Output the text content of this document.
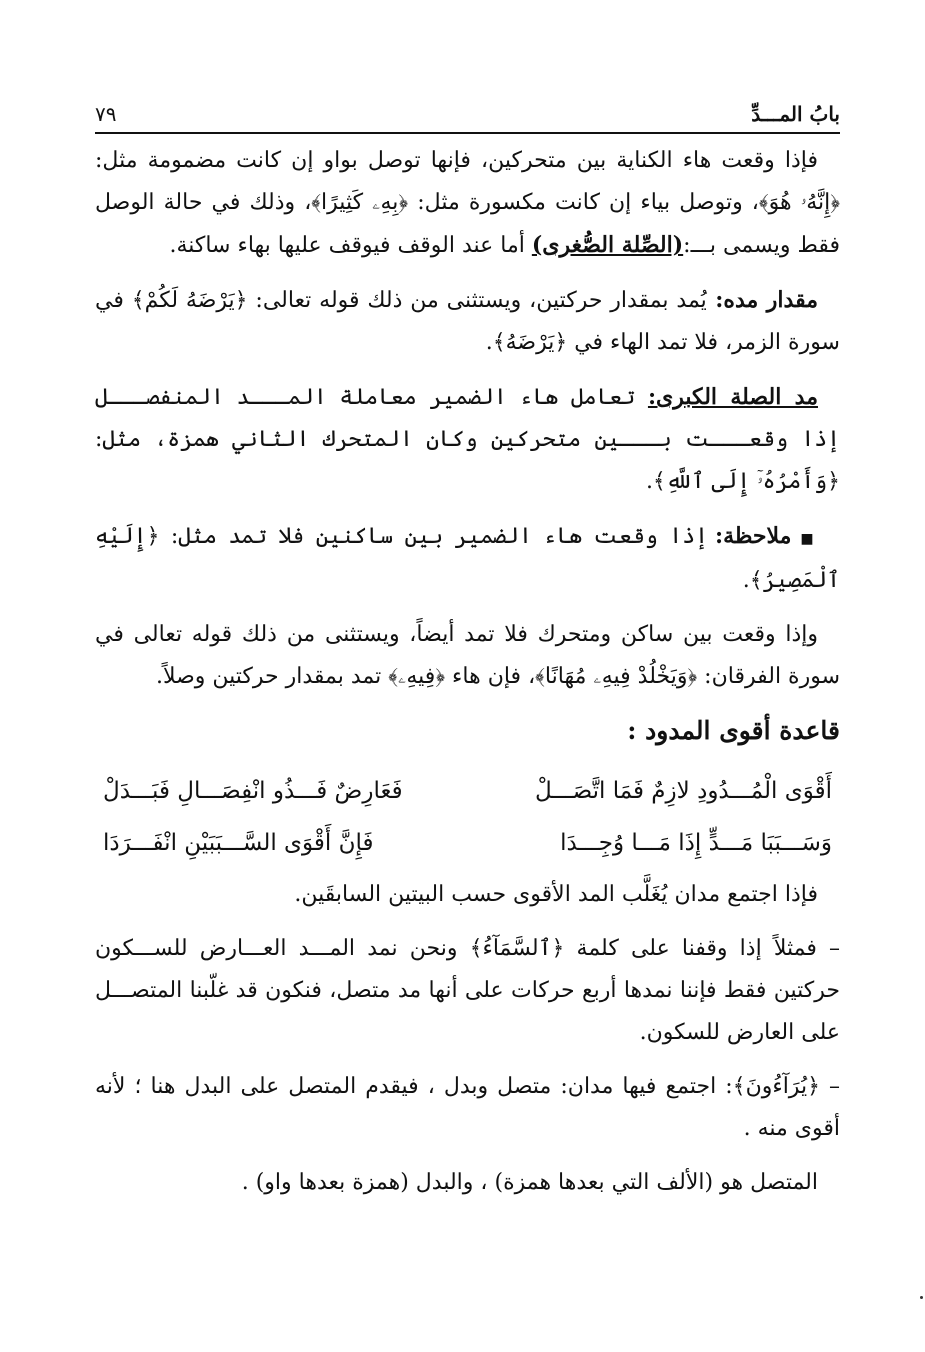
بابُ المـــدِّ
٧٩

فإذا وقعت هاء الكناية بين متحركين، فإنها توصل بواو إن كانت مضمومة مثل: ﴿إِنَّهُۥ هُوَ﴾، وتوصل بياء إن كانت مكسورة مثل: ﴿بِهِۦ كَثِيرًا﴾، وذلك في حالة الوصل فقط ويسمى بـــ:(الصِّلة الصُّغرى) أما عند الوقف فيوقف عليها بهاء ساكنة.

مقدار مده: يُمد بمقدار حركتين، ويستثنى من ذلك قوله تعالى: ﴿يَرْضَهُ لَكُمْ﴾ في سورة الزمر، فلا تمد الهاء في ﴿يَرْضَهُ﴾.

مد الصلة الكبرى: تعامل هاء الضمير معاملة المـــد المنفصـــل إذا وقعـــت بـــين متحركين وكان المتحرك الثاني همزة، مثل: ﴿وَأَمْرُهُۥٓ إِلَى ٱللَّهِ﴾.

■ ملاحظة: إذا وقعت هاء الضمير بين ساكنين فلا تمد مثل: ﴿إِلَيْهِ ٱلْمَصِيرُ﴾.

وإذا وقعت بين ساكن ومتحرك فلا تمد أيضاً، ويستثنى من ذلك قوله تعالى في سورة الفرقان: ﴿وَيَخْلُدْ فِيهِۦ مُهَانًا﴾، فإن هاء ﴿فِيهِۦ﴾ تمد بمقدار حركتين وصلاً.

قاعدة أقوى المدود :
أَقْوَى الْمُـــدُودِ لازِمٌ فَمَا اتَّصَـــلْ
فَعَارِضٌ فَـــذُو انْفِصَـــالِ فَبَـــدَلْ
وَسَـــبَبَا مَـــدٍّ إِذَا مَـــا وُجِـــدَا
فَإِنَّ أَقْوَى السَّـــبَبَيْنِ انْفَـــرَدَا

فإذا اجتمع مدان يُغَلَّب المد الأقوى حسب البيتين السابقَين.

– فمثلاً إذا وقفنا على كلمة ﴿ٱلسَّمَآءُ﴾ ونحن نمد المـــد العـــارض للســـكون حركتين فقط فإننا نمدها أربع حركات على أنها مد متصل، فنكون قد غلّبنا المتصـــل على العارض للسكون.

– ﴿يُرَآءُونَ﴾: اجتمع فيها مدان: متصل وبدل ، فيقدم المتصل على البدل هنا ؛ لأنه أقوى منه .

المتصل هو (الألف التي بعدها همزة) ، والبدل (همزة بعدها واو) .
